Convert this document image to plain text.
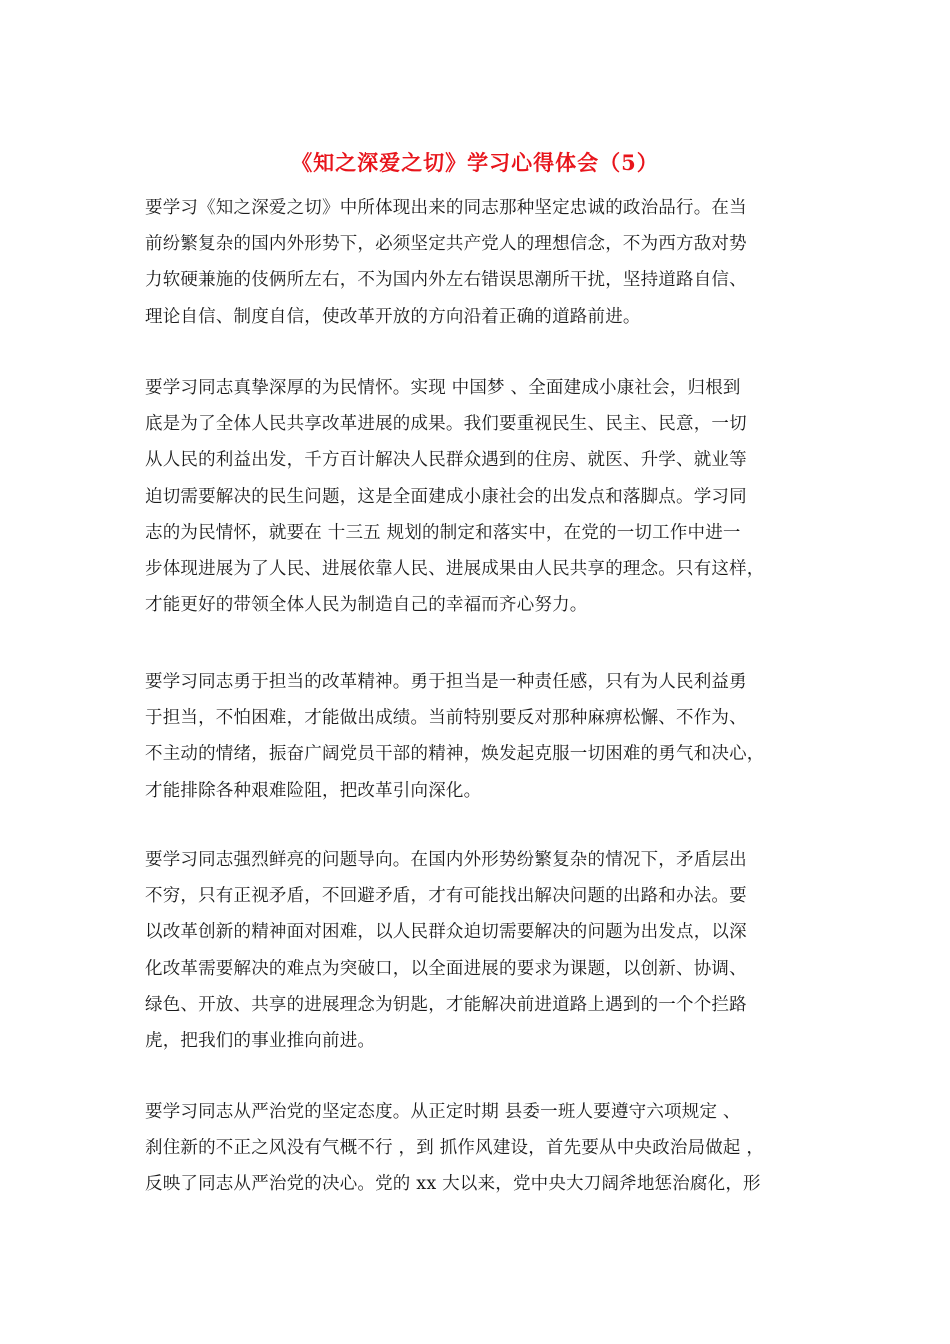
《知之深爱之切》学习心得体会（5）
要学习《知之深爱之切》中所体现出来的同志那种坚定忠诚的政治品行。在当
前纷繁复杂的国内外形势下，必须坚定共产党人的理想信念，不为西方敌对势
力软硬兼施的伎俩所左右，不为国内外左右错误思潮所干扰，坚持道路自信、
理论自信、制度自信，使改革开放的方向沿着正确的道路前进。
要学习同志真挚深厚的为民情怀。实现 中国梦 、全面建成小康社会，归根到
底是为了全体人民共享改革进展的成果。我们要重视民生、民主、民意，一切
从人民的利益出发，千方百计解决人民群众遇到的住房、就医、升学、就业等
迫切需要解决的民生问题，这是全面建成小康社会的出发点和落脚点。学习同
志的为民情怀，就要在 十三五 规划的制定和落实中，在党的一切工作中进一
步体现进展为了人民、进展依靠人民、进展成果由人民共享的理念。只有这样，
才能更好的带领全体人民为制造自己的幸福而齐心努力。
要学习同志勇于担当的改革精神。勇于担当是一种责任感，只有为人民利益勇
于担当，不怕困难，才能做出成绩。当前特别要反对那种麻痹松懈、不作为、
不主动的情绪，振奋广阔党员干部的精神，焕发起克服一切困难的勇气和决心，
才能排除各种艰难险阻，把改革引向深化。
要学习同志强烈鲜亮的问题导向。在国内外形势纷繁复杂的情况下，矛盾层出
不穷，只有正视矛盾，不回避矛盾，才有可能找出解决问题的出路和办法。要
以改革创新的精神面对困难，以人民群众迫切需要解决的问题为出发点，以深
化改革需要解决的难点为突破口，以全面进展的要求为课题，以创新、协调、
绿色、开放、共享的进展理念为钥匙，才能解决前进道路上遇到的一个个拦路
虎，把我们的事业推向前进。
要学习同志从严治党的坚定态度。从正定时期 县委一班人要遵守六项规定 、
刹住新的不正之风没有气概不行 ，到 抓作风建设，首先要从中央政治局做起 ，
反映了同志从严治党的决心。党的 xx 大以来，党中央大刀阔斧地惩治腐化，形
